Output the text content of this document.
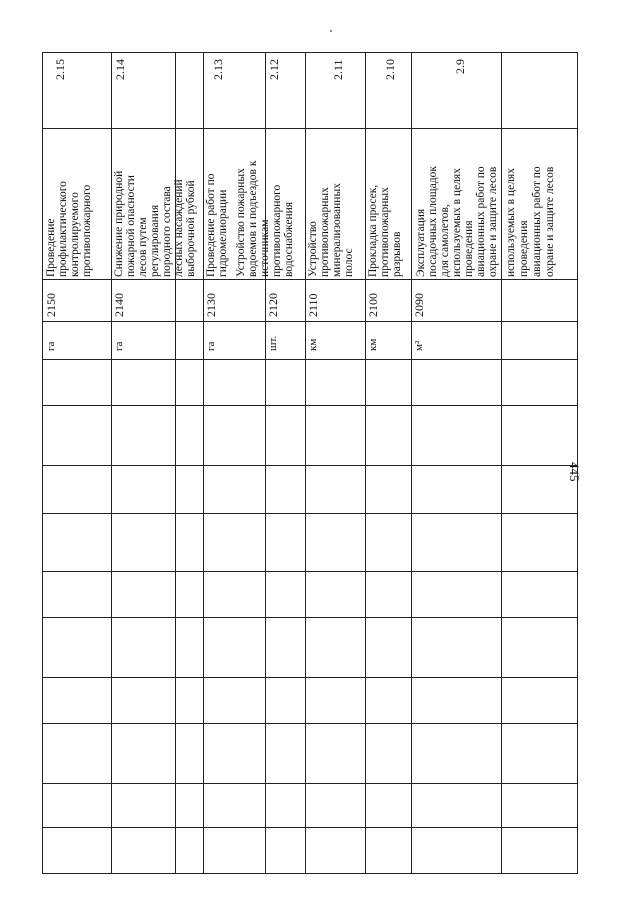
445
используемых в целях проведения авиационных работ по охране и защите лесов
2.9
Эксплуатация посадочных площадок для самолетов, используемых в целях проведения авиационных работ по охране и защите лесов
2090
м²
2.10
Прокладка просек, противопожарных разрывов
2100
км
2.11
Устройство противопожарных минерализованных полос
2110
км
2.12
Устройство пожарных водоемов и подъездов к источникам противопожарного водоснабжения
2120
шт.
2.13
Проведение работ по гидромелиорации
2130
га
2.14
Снижение природной пожарной опасности лесов путем регулирования породного состава лесных насаждений выборочной рубкой
2140
га
2.15
Проведение профилактического контролируемого противопожарного
2150
га
